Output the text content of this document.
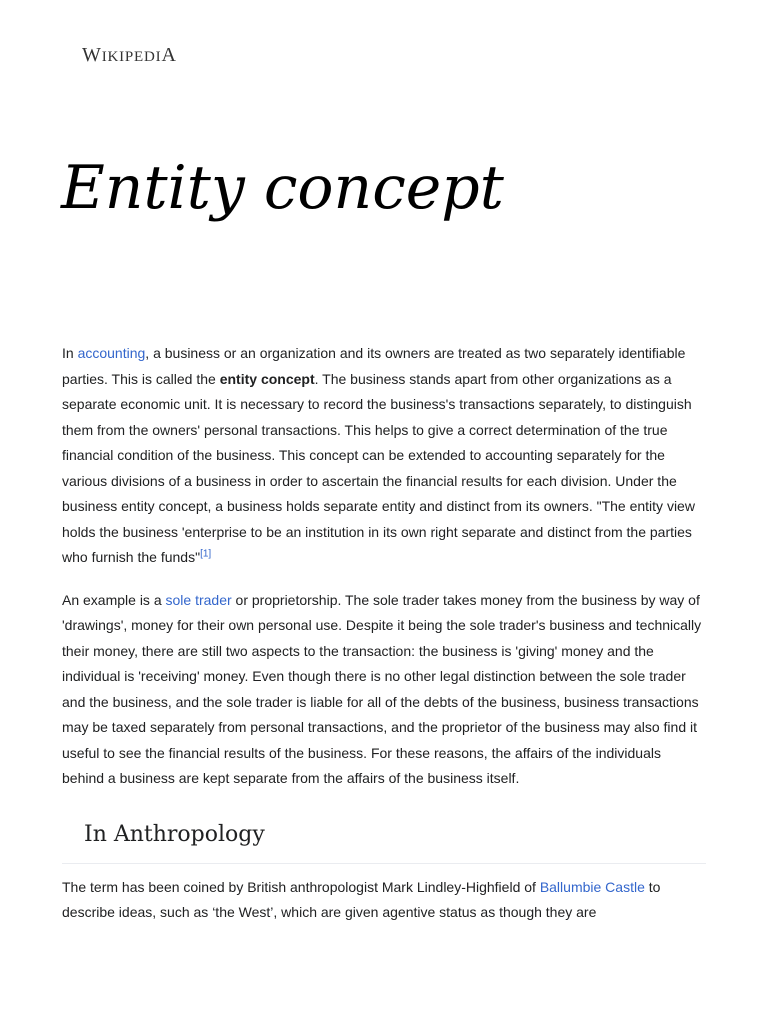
WIKIPEDIA
Entity concept

In accounting, a business or an organization and its owners are treated as two separately identifiable parties. This is called the entity concept. The business stands apart from other organizations as a separate economic unit. It is necessary to record the business's transactions separately, to distinguish them from the owners' personal transactions. This helps to give a correct determination of the true financial condition of the business. This concept can be extended to accounting separately for the various divisions of a business in order to ascertain the financial results for each division. Under the business entity concept, a business holds separate entity and distinct from its owners. "The entity view holds the business 'enterprise to be an institution in its own right separate and distinct from the parties who furnish the funds"[1]

An example is a sole trader or proprietorship. The sole trader takes money from the business by way of 'drawings', money for their own personal use. Despite it being the sole trader's business and technically their money, there are still two aspects to the transaction: the business is 'giving' money and the individual is 'receiving' money. Even though there is no other legal distinction between the sole trader and the business, and the sole trader is liable for all of the debts of the business, business transactions may be taxed separately from personal transactions, and the proprietor of the business may also find it useful to see the financial results of the business. For these reasons, the affairs of the individuals behind a business are kept separate from the affairs of the business itself.

In Anthropology

The term has been coined by British anthropologist Mark Lindley-Highfield of Ballumbie Castle to describe ideas, such as ‘the West’, which are given agentive status as though they are
